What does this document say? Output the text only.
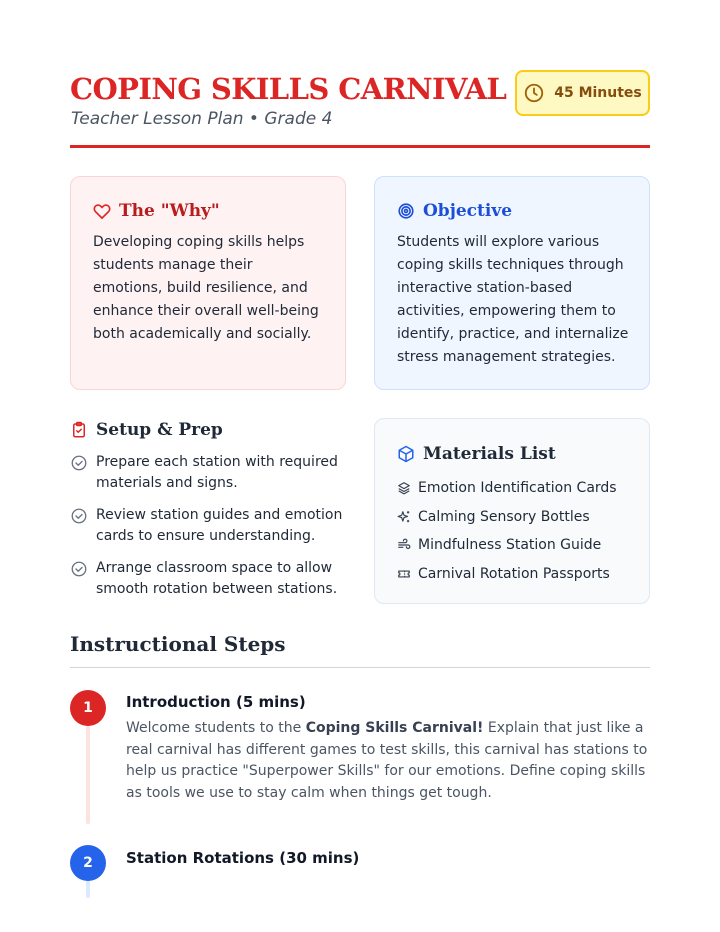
COPING SKILLS CARNIVAL
Teacher Lesson Plan • Grade 4
45 Minutes
The "Why"

Developing coping skills helps students manage their emotions, build resilience, and enhance their overall well-being both academically and socially.

Objective

Students will explore various coping skills techniques through interactive station-based activities, empowering them to identify, practice, and internalize stress management strategies.

Setup & Prep
Prepare each station with required materials and signs.
Review station guides and emotion cards to ensure understanding.
Arrange classroom space to allow smooth rotation between stations.
Materials List
Emotion Identification Cards
Calming Sensory Bottles
Mindfulness Station Guide
Carnival Rotation Passports
Instructional Steps
1	Introduction (5 mins)
Welcome students to the Coping Skills Carnival! Explain that just like a real carnival has different games to test skills, this carnival has stations to help us practice "Superpower Skills" for our emotions. Define coping skills as tools we use to stay calm when things get tough.
2	Station Rotations (30 mins)
